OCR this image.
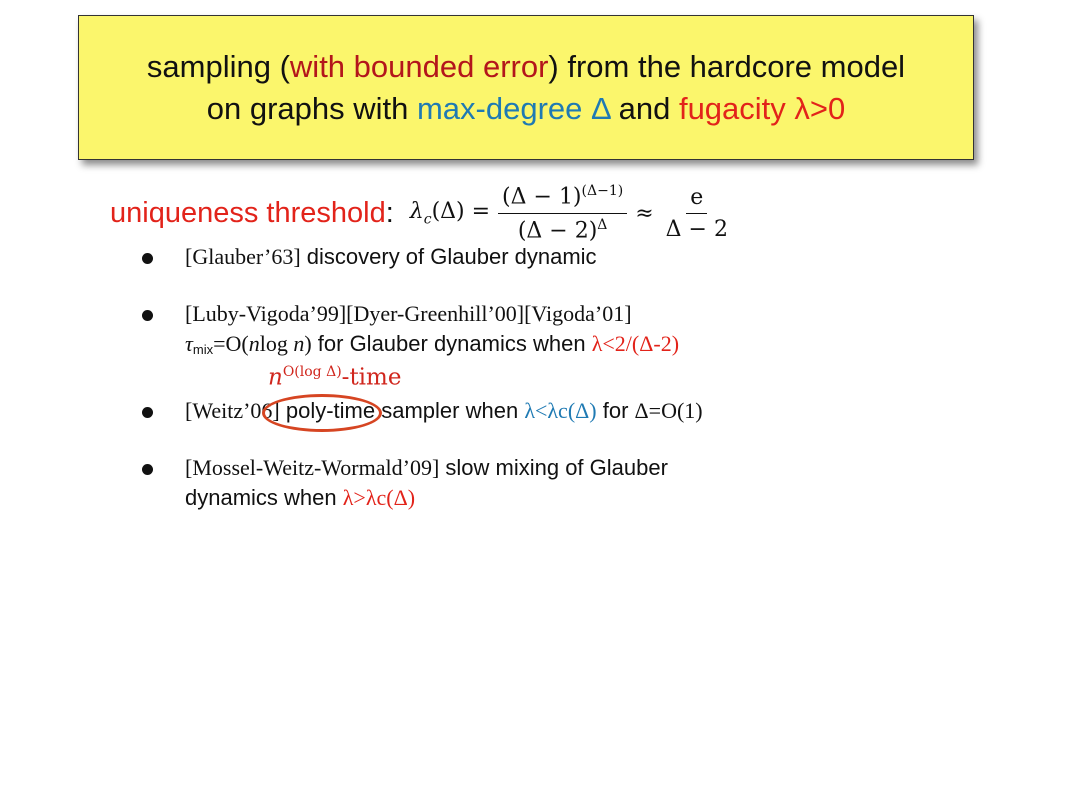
sampling (with bounded error) from the hardcore model
on graphs with max-degree Δ and fugacity λ>0
uniqueness threshold : $\lambda_c(\Delta) = \frac{(\Delta - 1)^{(\Delta-1)}}{(\Delta - 2)^\Delta} \approx \frac{e}{\Delta - 2}$
[Glauber’63] discovery of Glauber dynamic
[Luby-Vigoda’99][Dyer-Greenhill’00][Vigoda’01]
$\tau_{mix}=O(nlog$ n) for Glauber dynamics when λ<2/(Δ-2)
[Weitz’06] poly-time sampler when λ<λc(Δ) for Δ=O(1)
[Mossel-Weitz-Wormald’09] slow mixing of Glauber
dynamics when λ>λc(Δ)
$n^{O(log \Delta)}$-time
